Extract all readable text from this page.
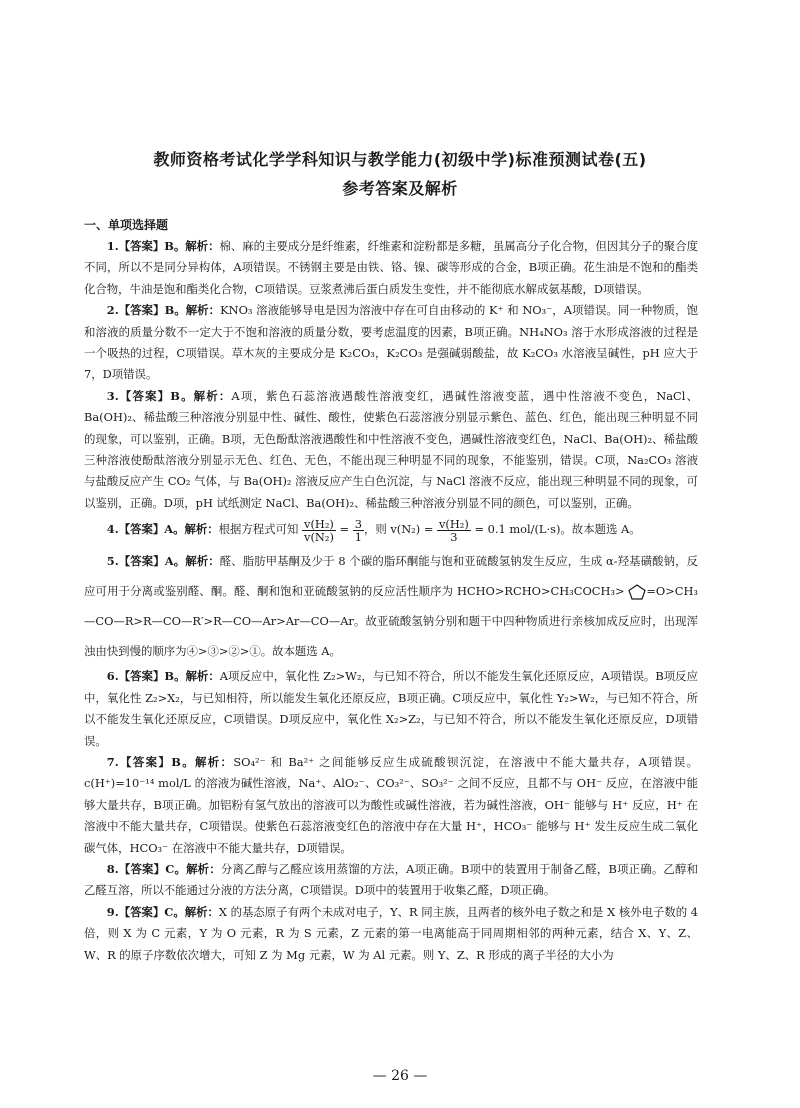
教师资格考试化学学科知识与教学能力(初级中学)标准预测试卷(五)
参考答案及解析
一、单项选择题

1.【答案】B。解析：棉、麻的主要成分是纤维素，纤维素和淀粉都是多糖，虽属高分子化合物，但因其分子的聚合度不同，所以不是同分异构体，A项错误。不锈钢主要是由铁、铬、镍、碳等形成的合金，B项正确。花生油是不饱和的酯类化合物，牛油是饱和酯类化合物，C项错误。豆浆煮沸后蛋白质发生变性，并不能彻底水解成氨基酸，D项错误。

2.【答案】B。解析：KNO₃ 溶液能够导电是因为溶液中存在可自由移动的 K⁺ 和 NO₃⁻，A项错误。同一种物质，饱和溶液的质量分数不一定大于不饱和溶液的质量分数，要考虑温度的因素，B项正确。NH₄NO₃ 溶于水形成溶液的过程是一个吸热的过程，C项错误。草木灰的主要成分是 K₂CO₃，K₂CO₃ 是强碱弱酸盐，故 K₂CO₃ 水溶液呈碱性，pH 应大于 7，D项错误。

3.【答案】B。解析：A项，紫色石蕊溶液遇酸性溶液变红，遇碱性溶液变蓝，遇中性溶液不变色，NaCl、Ba(OH)₂、稀盐酸三种溶液分别显中性、碱性、酸性，使紫色石蕊溶液分别显示紫色、蓝色、红色，能出现三种明显不同的现象，可以鉴别，正确。B项，无色酚酞溶液遇酸性和中性溶液不变色，遇碱性溶液变红色，NaCl、Ba(OH)₂、稀盐酸三种溶液使酚酞溶液分别显示无色、红色、无色，不能出现三种明显不同的现象，不能鉴别，错误。C项，Na₂CO₃ 溶液与盐酸反应产生 CO₂ 气体，与 Ba(OH)₂ 溶液反应产生白色沉淀，与 NaCl 溶液不反应，能出现三种明显不同的现象，可以鉴别，正确。D项，pH 试纸测定 NaCl、Ba(OH)₂、稀盐酸三种溶液分别显不同的颜色，可以鉴别，正确。

4.【答案】A。解析：根据方程式可知 $\frac{\text{v(H₂)}}{\text{v(N₂)}} = \frac{3}{1}$ ，则 $v(N_2) = \frac{\text{v(H₂)}}{3} = 0.1$ mol/(L·s)。故本题选 A。

5.【答案】A。解析：醛、脂肪甲基酮及少于 8 个碳的脂环酮能与饱和亚硫酸氢钠发生反应，生成 α-羟基磺酸钠，反应可用于分离或鉴别醛、酮。醛、酮和饱和亚硫酸氢钠的反应活性顺序为 HCHO>RCHO>CH₃COCH₃> =O>CH₃—CO—R>R—CO—R′>R—CO—Ar>Ar—CO—Ar。故亚硫酸氢钠分别和题干中四种物质进行亲核加成反应时，出现浑浊由快到慢的顺序为④>③>②>①。故本题选 A。

6.【答案】B。解析：A项反应中，氧化性 Z₂>W₂，与已知不符合，所以不能发生氧化还原反应，A项错误。B项反应中，氧化性 Z₂>X₂，与已知相符，所以能发生氧化还原反应，B项正确。C项反应中，氧化性 Y₂>W₂，与已知不符合，所以不能发生氧化还原反应，C项错误。D项反应中，氧化性 X₂>Z₂，与已知不符合，所以不能发生氧化还原反应，D项错误。

7.【答案】B。解析：SO₄²⁻ 和 Ba²⁺ 之间能够反应生成硫酸钡沉淀，在溶液中不能大量共存，A项错误。c(H⁺)=10⁻¹⁴ mol/L 的溶液为碱性溶液，Na⁺、AlO₂⁻、CO₃²⁻、SO₃²⁻ 之间不反应，且都不与 OH⁻ 反应，在溶液中能够大量共存，B项正确。加铝粉有氢气放出的溶液可以为酸性或碱性溶液，若为碱性溶液，OH⁻ 能够与 H⁺ 反应，H⁺ 在溶液中不能大量共存，C项错误。使紫色石蕊溶液变红色的溶液中存在大量 H⁺，HCO₃⁻ 能够与 H⁺ 发生反应生成二氧化碳气体，HCO₃⁻ 在溶液中不能大量共存，D项错误。

8.【答案】C。解析：分离乙醇与乙醛应该用蒸馏的方法，A项正确。B项中的装置用于制备乙醛，B项正确。乙醇和乙醛互溶，所以不能通过分液的方法分离，C项错误。D项中的装置用于收集乙醛，D项正确。

9.【答案】C。解析：X 的基态原子有两个未成对电子，Y、R 同主族，且两者的核外电子数之和是 X 核外电子数的 4 倍，则 X 为 C 元素，Y 为 O 元素，R 为 S 元素，Z 元素的第一电离能高于同周期相邻的两种元素，结合 X、Y、Z、W、R 的原子序数依次增大，可知 Z 为 Mg 元素，W 为 Al 元素。则 Y、Z、R 形成的离子半径的大小为

— 26 —
